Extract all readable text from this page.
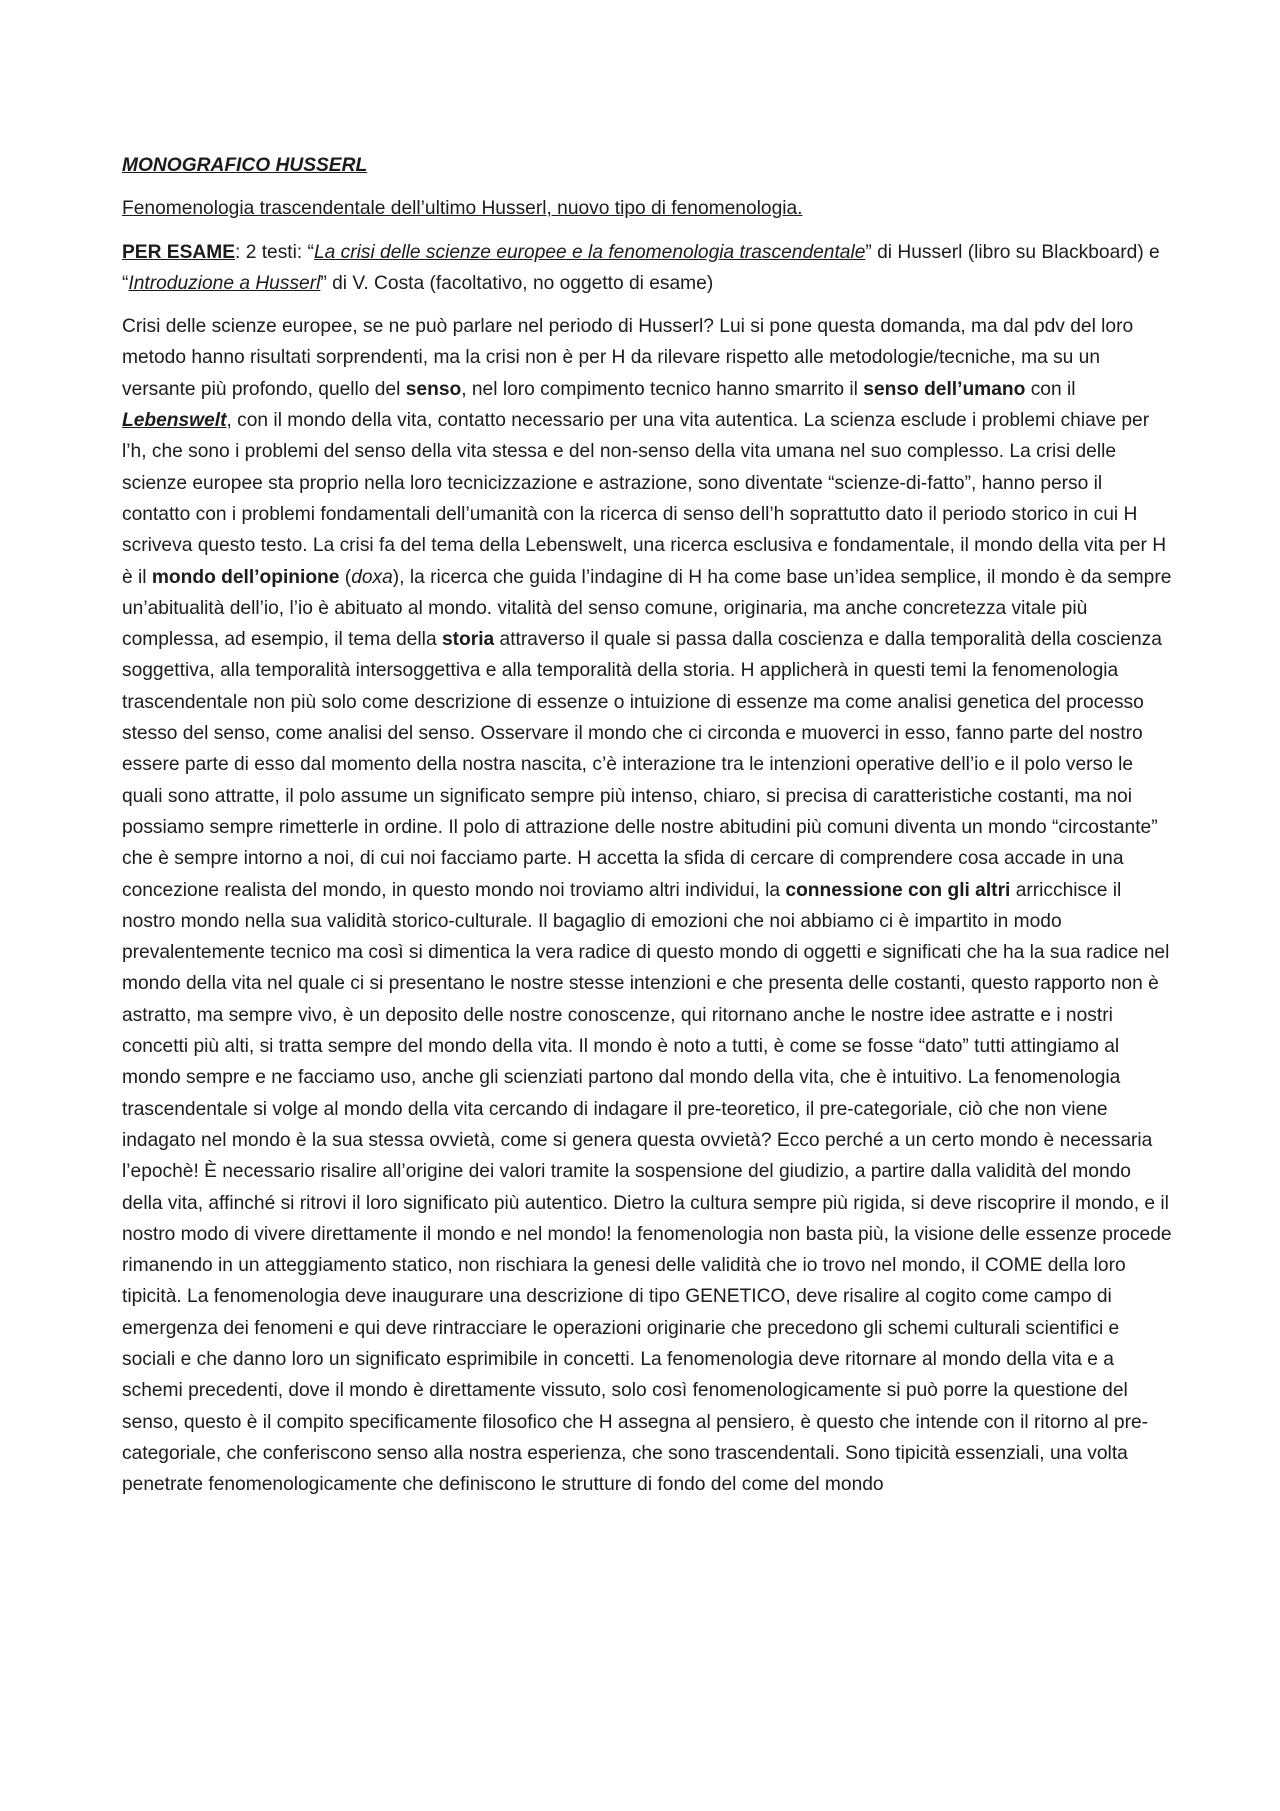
MONOGRAFICO HUSSERL

Fenomenologia trascendentale dell’ultimo Husserl, nuovo tipo di fenomenologia.

PER ESAME: 2 testi: “La crisi delle scienze europee e la fenomenologia trascendentale” di Husserl (libro su Blackboard) e “Introduzione a Husserl” di V. Costa (facoltativo, no oggetto di esame)

Crisi delle scienze europee, se ne può parlare nel periodo di Husserl? Lui si pone questa domanda, ma dal pdv del loro metodo hanno risultati sorprendenti, ma la crisi non è per H da rilevare rispetto alle metodologie/tecniche, ma su un versante più profondo, quello del senso, nel loro compimento tecnico hanno smarrito il senso dell’umano con il Lebenswelt, con il mondo della vita, contatto necessario per una vita autentica. La scienza esclude i problemi chiave per l’h, che sono i problemi del senso della vita stessa e del non-senso della vita umana nel suo complesso. La crisi delle scienze europee sta proprio nella loro tecnicizzazione e astrazione, sono diventate “scienze-di-fatto”, hanno perso il contatto con i problemi fondamentali dell’umanità con la ricerca di senso dell’h soprattutto dato il periodo storico in cui H scriveva questo testo. La crisi fa del tema della Lebenswelt, una ricerca esclusiva e fondamentale, il mondo della vita per H è il mondo dell’opinione (doxa), la ricerca che guida l’indagine di H ha come base un’idea semplice, il mondo è da sempre un’abitualità dell’io, l’io è abituato al mondo. vitalità del senso comune, originaria, ma anche concretezza vitale più complessa, ad esempio, il tema della storia attraverso il quale si passa dalla coscienza e dalla temporalità della coscienza soggettiva, alla temporalità intersoggettiva e alla temporalità della storia. H applicherà in questi temi la fenomenologia trascendentale non più solo come descrizione di essenze o intuizione di essenze ma come analisi genetica del processo stesso del senso, come analisi del senso. Osservare il mondo che ci circonda e muoverci in esso, fanno parte del nostro essere parte di esso dal momento della nostra nascita, c’è interazione tra le intenzioni operative dell’io e il polo verso le quali sono attratte, il polo assume un significato sempre più intenso, chiaro, si precisa di caratteristiche costanti, ma noi possiamo sempre rimetterle in ordine. Il polo di attrazione delle nostre abitudini più comuni diventa un mondo “circostante” che è sempre intorno a noi, di cui noi facciamo parte. H accetta la sfida di cercare di comprendere cosa accade in una concezione realista del mondo, in questo mondo noi troviamo altri individui, la connessione con gli altri arricchisce il nostro mondo nella sua validità storico-culturale. Il bagaglio di emozioni che noi abbiamo ci è impartito in modo prevalentemente tecnico ma così si dimentica la vera radice di questo mondo di oggetti e significati che ha la sua radice nel mondo della vita nel quale ci si presentano le nostre stesse intenzioni e che presenta delle costanti, questo rapporto non è astratto, ma sempre vivo, è un deposito delle nostre conoscenze, qui ritornano anche le nostre idee astratte e i nostri concetti più alti, si tratta sempre del mondo della vita. Il mondo è noto a tutti, è come se fosse “dato” tutti attingiamo al mondo sempre e ne facciamo uso, anche gli scienziati partono dal mondo della vita, che è intuitivo. La fenomenologia trascendentale si volge al mondo della vita cercando di indagare il pre-teoretico, il pre-categoriale, ciò che non viene indagato nel mondo è la sua stessa ovvietà, come si genera questa ovvietà? Ecco perché a un certo mondo è necessaria l’epochè! È necessario risalire all’origine dei valori tramite la sospensione del giudizio, a partire dalla validità del mondo della vita, affinché si ritrovi il loro significato più autentico. Dietro la cultura sempre più rigida, si deve riscoprire il mondo, e il nostro modo di vivere direttamente il mondo e nel mondo! la fenomenologia non basta più, la visione delle essenze procede rimanendo in un atteggiamento statico, non rischiara la genesi delle validità che io trovo nel mondo, il COME della loro tipicità. La fenomenologia deve inaugurare una descrizione di tipo GENETICO, deve risalire al cogito come campo di emergenza dei fenomeni e qui deve rintracciare le operazioni originarie che precedono gli schemi culturali scientifici e sociali e che danno loro un significato esprimibile in concetti. La fenomenologia deve ritornare al mondo della vita e a schemi precedenti, dove il mondo è direttamente vissuto, solo così fenomenologicamente si può porre la questione del senso, questo è il compito specificamente filosofico che H assegna al pensiero, è questo che intende con il ritorno al pre-categoriale, che conferiscono senso alla nostra esperienza, che sono trascendentali. Sono tipicità essenziali, una volta penetrate fenomenologicamente che definiscono le strutture di fondo del come del mondo
